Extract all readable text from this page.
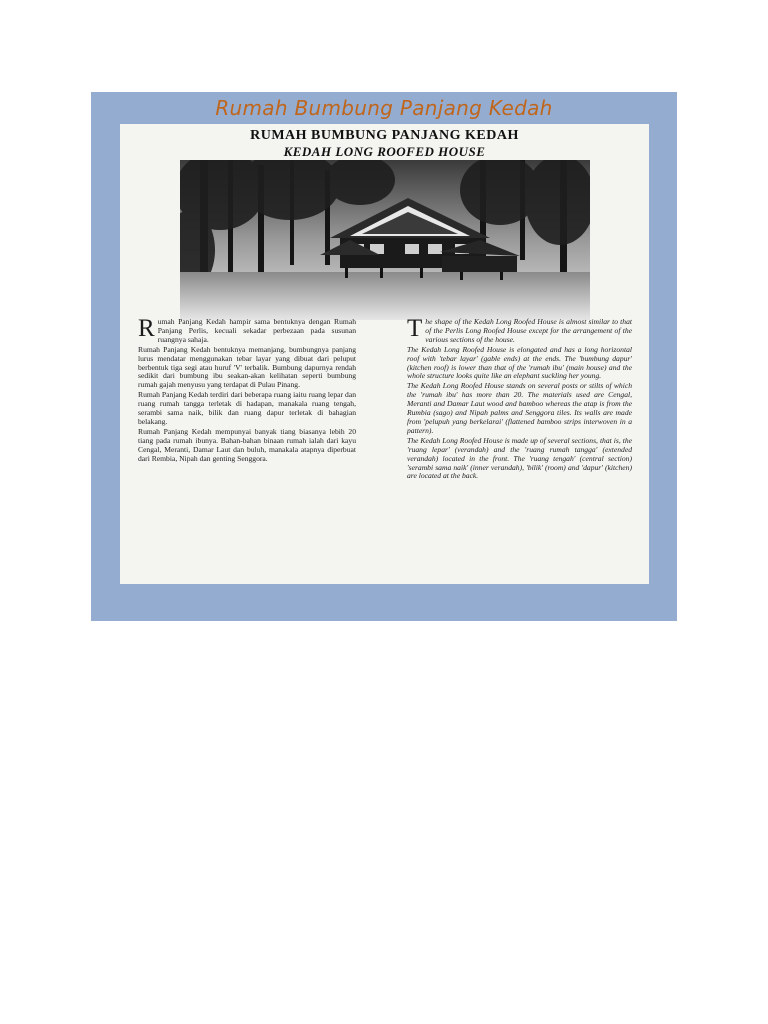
Rumah Bumbung Panjang Kedah
RUMAH BUMBUNG PANJANG KEDAH
KEDAH LONG ROOFED HOUSE

Rumah Panjang Kedah hampir sama bentuknya dengan Rumah Panjang Perlis, kecuali sekadar perbezaan pada susunan ruangnya sahaja.

Rumah Panjang Kedah bentuknya memanjang, bumbungnya panjang lurus mendatar menggunakan tebar layar yang dibuat dari peluput berbentuk tiga segi atau huruf 'V' terbalik. Bumbung dapurnya rendah sedikit dari bumbung ibu seakan-akan kelihatan seperti bumbung rumah gajah menyusu yang terdapat di Pulau Pinang.

Rumah Panjang Kedah terdiri dari beberapa ruang iaitu ruang lepar dan ruang rumah tangga terletak di hadapan, manakala ruang tengah, serambi sama naik, bilik dan ruang dapur terletak di bahagian belakang.

Rumah Panjang Kedah mempunyai banyak tiang biasanya lebih 20 tiang pada rumah ibunya. Bahan-bahan binaan rumah ialah dari kayu Cengal, Meranti, Damar Laut dan buluh, manakala atapnya diperbuat dari Rembia, Nipah dan genting Senggora.

The shape of the Kedah Long Roofed House is almost similar to that of the Perlis Long Roofed House except for the arrangement of the various sections of the house.

The Kedah Long Roofed House is elongated and has a long horizontal roof with 'tebar layar' (gable ends) at the ends. The 'bumbung dapur' (kitchen roof) is lower than that of the 'rumah ibu' (main house) and the whole structure looks quite like an elephant suckling her young.

The Kedah Long Roofed House stands on several posts or stilts of which the 'rumah ibu' has more than 20. The materials used are Cengal, Meranti and Damar Laut wood and bamboo whereas the atap is from the Rumbia (sago) and Nipah palms and Senggora tiles. Its walls are made from 'pelupuh yang berkelarai' (flattened bamboo strips interwoven in a pattern).

The Kedah Long Roofed House is made up of several sections, that is, the 'ruang lepar' (verandah) and the 'ruang rumah tangga' (extended verandah) located in the front. The 'ruang tengah' (central section) 'serambi sama naik' (inner verandah), 'bilik' (room) and 'dapur' (kitchen) are located at the back.
